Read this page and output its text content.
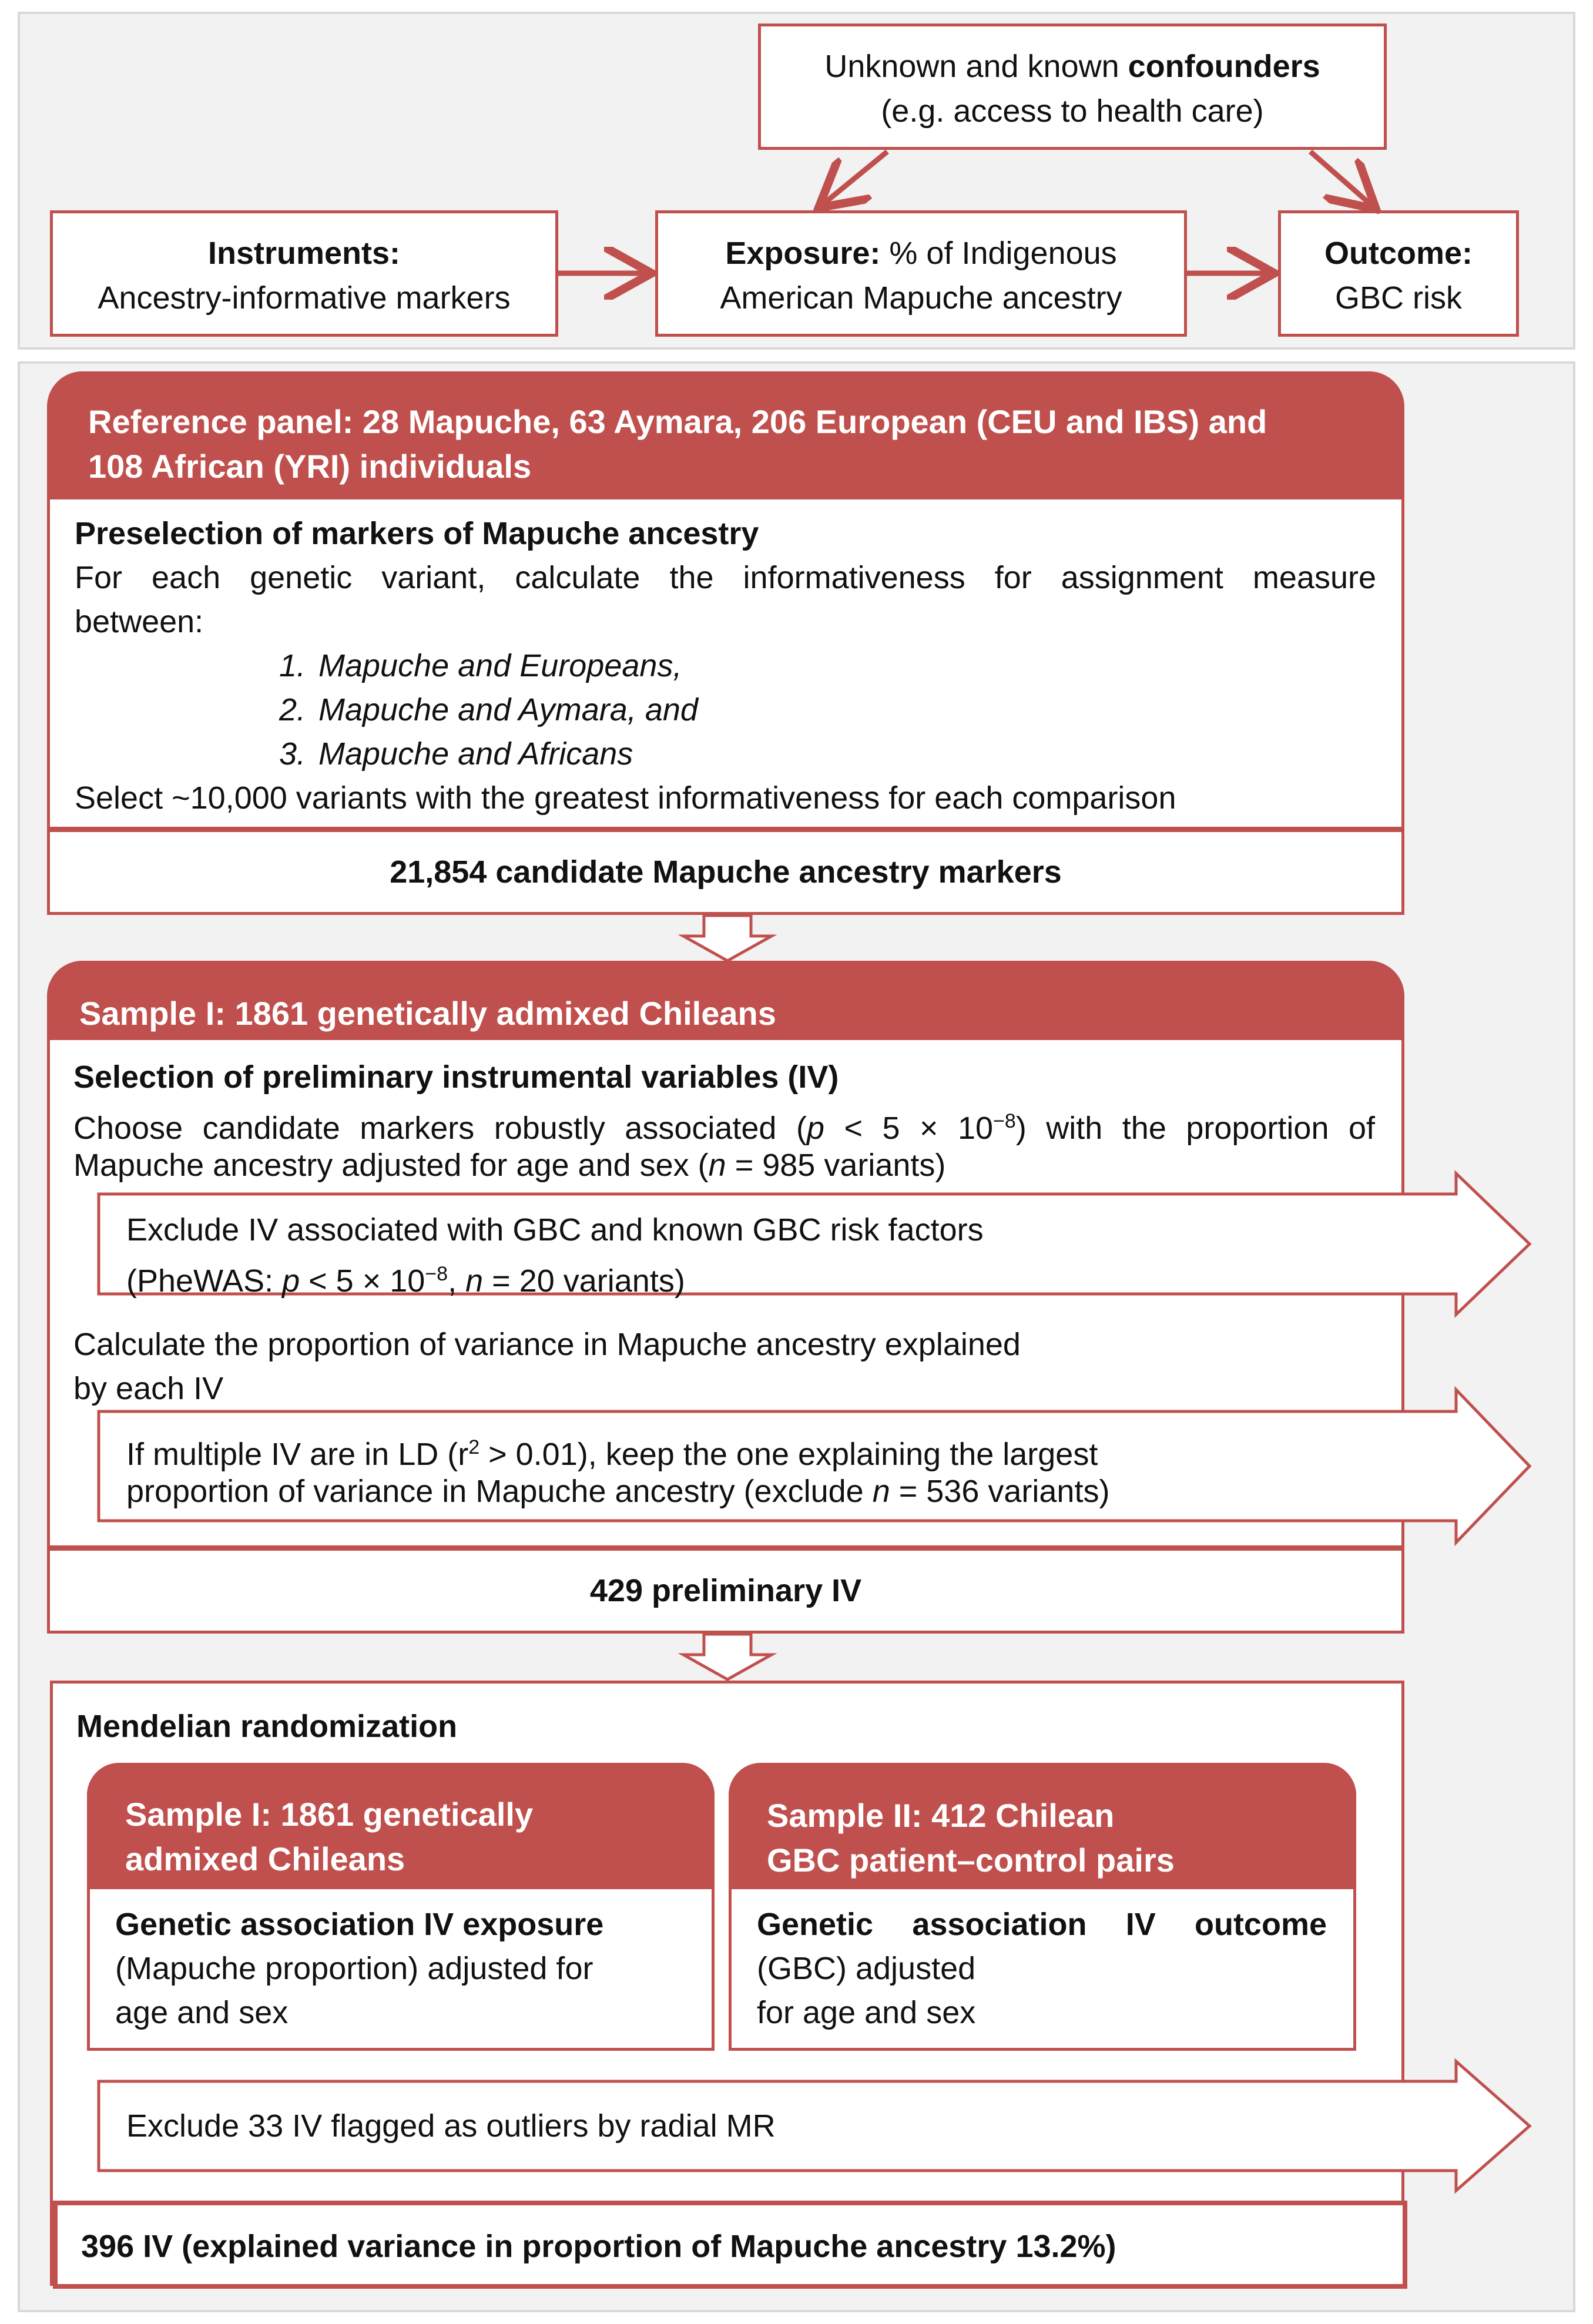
Unknown and known confounders
(e.g. access to health care)
Instruments:
Ancestry-informative markers
Exposure: % of Indigenous
American Mapuche ancestry
Outcome:
GBC risk
Reference panel: 28 Mapuche, 63 Aymara, 206 European (CEU and IBS) and
108 African (YRI) individuals
Preselection of markers of Mapuche ancestry
For each genetic variant, calculate the informativeness for assignment measure
between:
1. Mapuche and Europeans,
2. Mapuche and Aymara, and
3. Mapuche and Africans
Select ~10,000 variants with the greatest informativeness for each comparison
21,854 candidate Mapuche ancestry markers
Sample I: 1861 genetically admixed Chileans
Selection of preliminary instrumental variables (IV)
Choose candidate markers robustly associated $(p < 5 \times 10^{-8})$ with the proportion of
Mapuche ancestry adjusted for age and sex (n = 985 variants)
Exclude IV associated with GBC and known GBC risk factors
(PheWAS: $p < 5 \times 10^{-8}$, n = 20 variants)
Calculate the proportion of variance in Mapuche ancestry explained
by each IV
If multiple IV are in LD $(r^2 > 0.01)$, keep the one explaining the largest
proportion of variance in Mapuche ancestry (exclude n = 536 variants)
429 preliminary IV
Mendelian randomization
Sample I: 1861 genetically
admixed Chileans
Genetic association IV exposure
(Mapuche proportion) adjusted for
age and sex
Sample II: 412 Chilean
GBC patient–control pairs
Genetic association IV outcome
(GBC) adjusted
for age and sex
Exclude 33 IV flagged as outliers by radial MR
396 IV (explained variance in proportion of Mapuche ancestry 13.2%)
